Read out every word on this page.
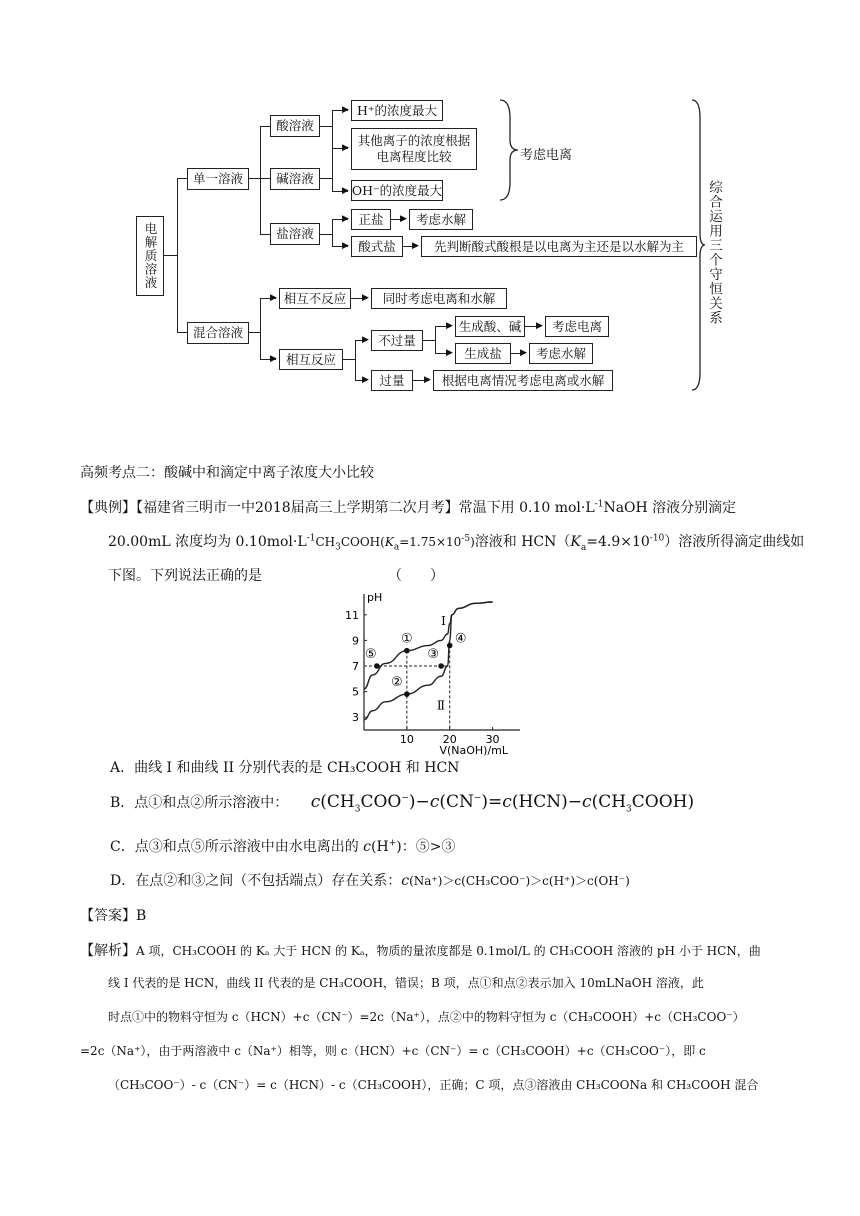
电解质溶液
单一溶液
混合溶液
酸溶液
碱溶液
盐溶液
▶
▶
▶
H⁺的浓度最大
其他离子的浓度根据
电离程度比较
OH⁻的浓度最大
考虑电离
▶
▶
正盐	▶ 考虑水解
酸式盐	▶	先判断酸式酸根是以电离为主还是以水解为主
▶
▶
相互不反应	▶	同时考虑电离和水解
相互反应
▶
▶
不过量
▶
▶
生成酸、碱	▶ 考虑电离
生成盐	▶ 考虑水解
过量	▶ 根据电离情况考虑电离或水解
综合运用三个守恒关系
高频考点二：酸碱中和滴定中离子浓度大小比较
【典例】【福建省三明市一中2018届高三上学期第二次月考】常温下用 0.10 $mol\cdot L^{-1}NaOH$ 溶液分别滴定
20.00mL 浓度均为 $0.10mol\cdot L^{-1}CH_3COOH(K_a=1.75\times 10^{-5})$溶液和 $HCN(K_a=4.9\times 10^{-10})$溶液所得滴定曲线如
下图。下列说法正确的是	（　　）
pH
V(NaOH)/mL
3
5
7
9
11
10	20	30
Ⅰ
Ⅱ
①
②
③
④
⑤
A．曲线 I 和曲线 II 分别代表的是 CH₃COOH 和 HCN
B．点①和点②所示溶液中： $c(CH_3COO^-)-c(CN^-)=c(HCN)-c(CH_3COOH)$
C．点③和点⑤所示溶液中由水电离出的 c(H+)：⑤>③
D．在点②和③之间（不包括端点）存在关系：c(Na⁺)＞c(CH₃COO⁻)＞c(H⁺)＞c(OH⁻)
【答案】B
【解析】A 项，CH₃COOH 的 Kₐ 大于 HCN 的 Kₐ，物质的量浓度都是 0.1mol/L 的 CH₃COOH 溶液的 pH 小于 HCN，曲
线 I 代表的是 HCN，曲线 II 代表的是 CH₃COOH，错误；B 项，点①和点②表示加入 10mLNaOH 溶液，此
时点①中的物料守恒为 c（HCN）+c（CN⁻）=2c（Na⁺），点②中的物料守恒为 c（CH₃COOH）+c（CH₃COO⁻）
=2c（Na⁺），由于两溶液中 c（Na⁺）相等，则 c（HCN）+c（CN⁻）= c（CH₃COOH）+c（CH₃COO⁻），即 c
（CH₃COO⁻）- c（CN⁻）= c（HCN）- c（CH₃COOH），正确；C 项，点③溶液由 CH₃COONa 和 CH₃COOH 混合
